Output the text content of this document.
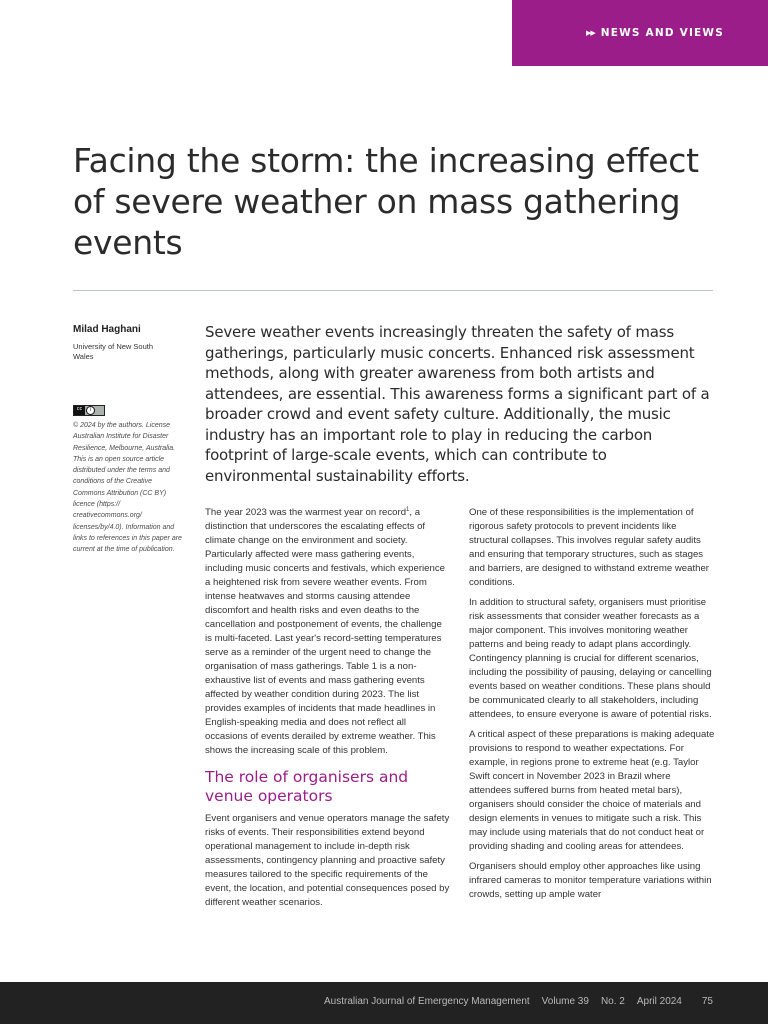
▶▶ NEWS AND VIEWS
Facing the storm: the increasing effect of severe weather on mass gathering events
Milad Haghani
University of New South Wales
cc	i

© 2024 by the authors. License Australian Institute for Disaster Resilience, Melbourne, Australia. This is an open source article distributed under the terms and conditions of the Creative Commons Attribution (CC BY) licence (https:// creativecommons.org/ licenses/by/4.0). Information and links to references in this paper are current at the time of publication.

Severe weather events increasingly threaten the safety of mass gatherings, particularly music concerts. Enhanced risk assessment methods, along with greater awareness from both artists and attendees, are essential. This awareness forms a significant part of a broader crowd and event safety culture. Additionally, the music industry has an important role to play in reducing the carbon footprint of large-scale events, which can contribute to environmental sustainability efforts.

The year 2023 was the warmest year on record$^1$, a distinction that underscores the escalating effects of climate change on the environment and society. Particularly affected were mass gathering events, including music concerts and festivals, which experience a heightened risk from severe weather events. From intense heatwaves and storms causing attendee discomfort and health risks and even deaths to the cancellation and postponement of events, the challenge is multi-faceted. Last year's record-setting temperatures serve as a reminder of the urgent need to change the organisation of mass gatherings. Table 1 is a non-exhaustive list of events and mass gathering events affected by weather condition during 2023. The list provides examples of incidents that made headlines in English-speaking media and does not reflect all occasions of events derailed by extreme weather. This shows the increasing scale of this problem.

The role of organisers and venue operators

Event organisers and venue operators manage the safety risks of events. Their responsibilities extend beyond operational management to include in-depth risk assessments, contingency planning and proactive safety measures tailored to the specific requirements of the event, the location, and potential consequences posed by different weather scenarios.

One of these responsibilities is the implementation of rigorous safety protocols to prevent incidents like structural collapses. This involves regular safety audits and ensuring that temporary structures, such as stages and barriers, are designed to withstand extreme weather conditions.

In addition to structural safety, organisers must prioritise risk assessments that consider weather forecasts as a major component. This involves monitoring weather patterns and being ready to adapt plans accordingly. Contingency planning is crucial for different scenarios, including the possibility of pausing, delaying or cancelling events based on weather conditions. These plans should be communicated clearly to all stakeholders, including attendees, to ensure everyone is aware of potential risks.

A critical aspect of these preparations is making adequate provisions to respond to weather expectations. For example, in regions prone to extreme heat (e.g. Taylor Swift concert in November 2023 in Brazil where attendees suffered burns from heated metal bars), organisers should consider the choice of materials and design elements in venues to mitigate such a risk. This may include using materials that do not conduct heat or providing shading and cooling areas for attendees.

Organisers should employ other approaches like using infrared cameras to monitor temperature variations within crowds, setting up ample water

Australian Journal of Emergency Management Volume 39 No. 2 April 2024 75
